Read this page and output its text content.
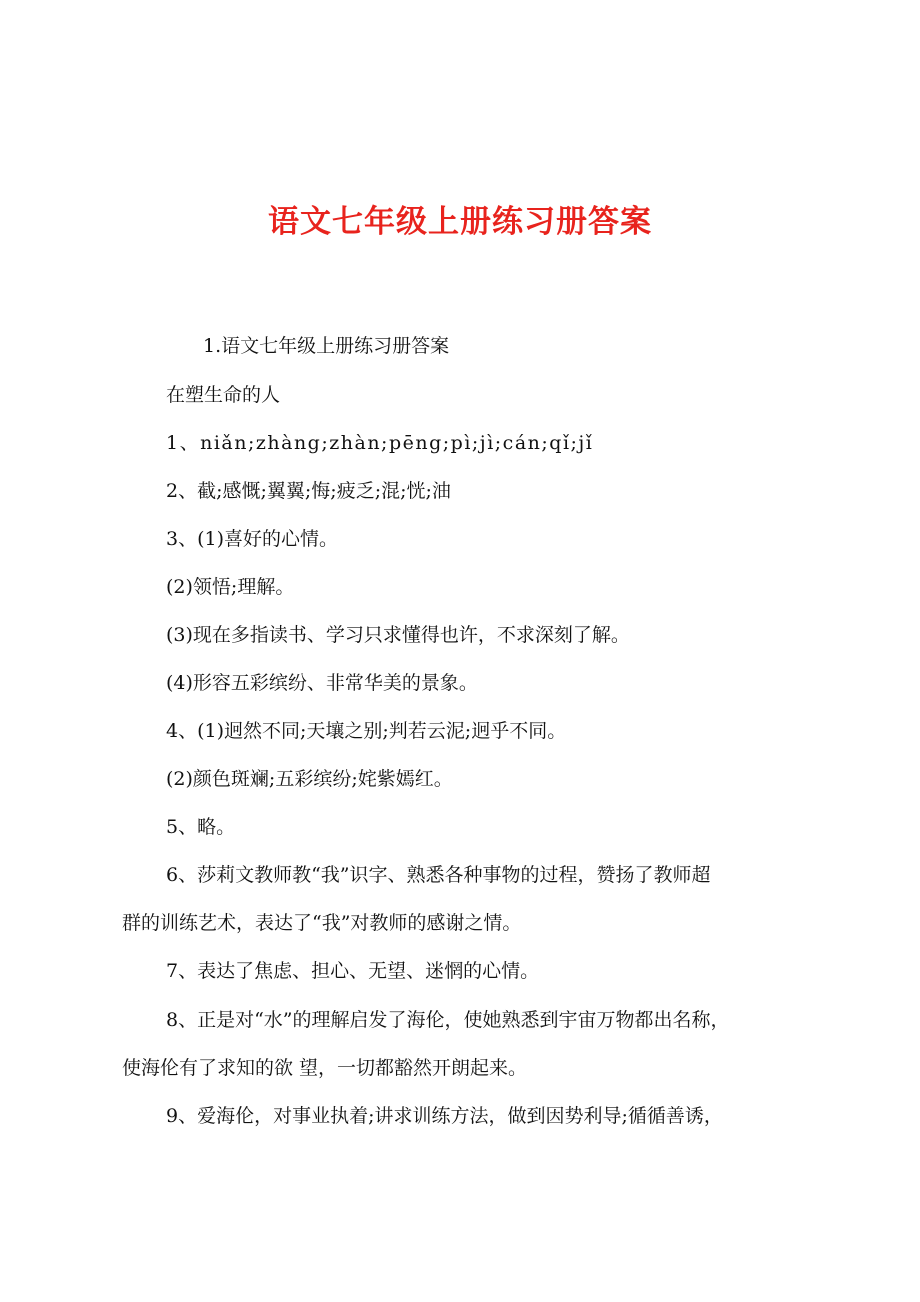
语文七年级上册练习册答案
1.语文七年级上册练习册答案
在塑生命的人
1、niǎn;zhàng;zhàn;pēng;pì;jì;cán;qǐ;jǐ
2、截;感慨;翼翼;悔;疲乏;混;恍;油
3、(1)喜好的心情。
(2)领悟;理解。
(3)现在多指读书、学习只求懂得也许，不求深刻了解。
(4)形容五彩缤纷、非常华美的景象。
4、(1)迥然不同;天壤之别;判若云泥;迥乎不同。
(2)颜色斑斓;五彩缤纷;姹紫嫣红。
5、略。
6、莎莉文教师教“我”识字、熟悉各种事物的过程，赞扬了教师超
群的训练艺术，表达了“我”对教师的感谢之情。
7、表达了焦虑、担心、无望、迷惘的心情。
8、正是对“水”的理解启发了海伦，使她熟悉到宇宙万物都出名称，
使海伦有了求知的欲 望，一切都豁然开朗起来。
9、爱海伦，对事业执着;讲求训练方法，做到因势利导;循循善诱，
